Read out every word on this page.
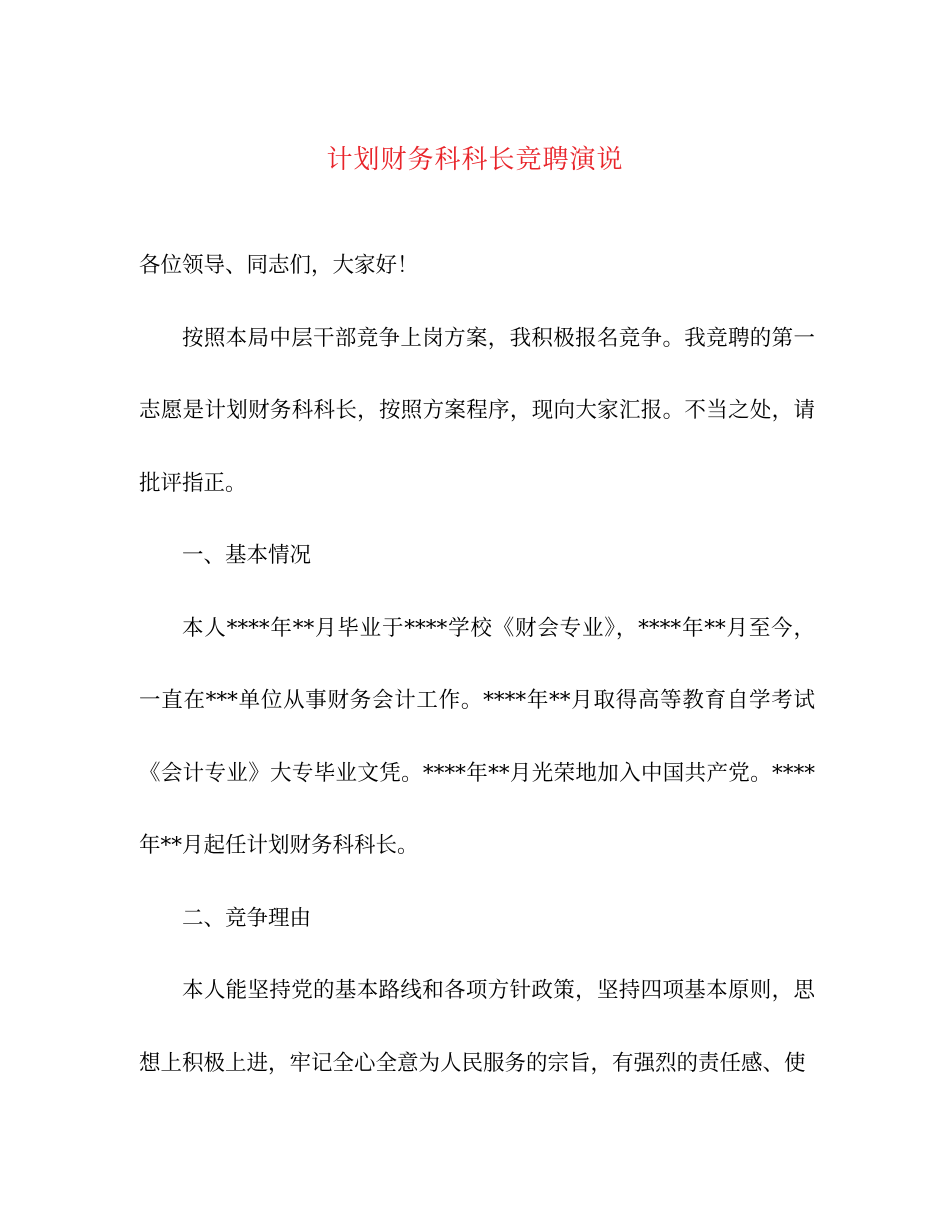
计划财务科科长竞聘演说

各位领导、同志们，大家好！

按照本局中层干部竞争上岗方案，我积极报名竞争。我竞聘的第一志愿是计划财务科科长，按照方案程序，现向大家汇报。不当之处，请批评指正。

一、基本情况

本人****年**月毕业于****学校《财会专业》，****年**月至今，一直在***单位从事财务会计工作。****年**月取得高等教育自学考试《会计专业》大专毕业文凭。****年**月光荣地加入中国共产党。****年**月起任计划财务科科长。

二、竞争理由

本人能坚持党的基本路线和各项方针政策，坚持四项基本原则，思想上积极上进，牢记全心全意为人民服务的宗旨，有强烈的责任感、使
